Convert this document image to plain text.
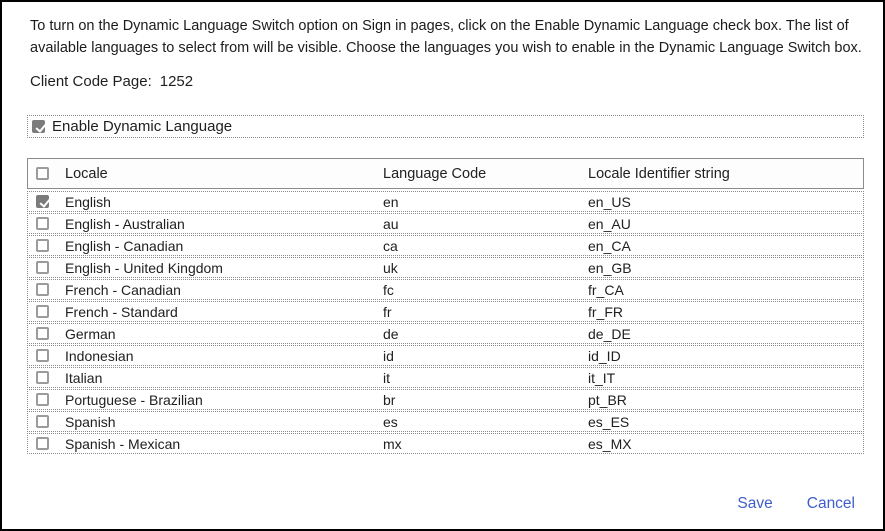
To turn on the Dynamic Language Switch option on Sign in pages, click on the Enable Dynamic Language check box. The list of
available languages to select from will be visible. Choose the languages you wish to enable in the Dynamic Language Switch box.
Client Code Page: 1252
Enable Dynamic Language
Locale	Language Code	Locale Identifier string
English	en	en_US
English - Australian	au	en_AU
English - Canadian	ca	en_CA
English - United Kingdom	uk	en_GB
French - Canadian	fc	fr_CA
French - Standard	fr	fr_FR
German	de	de_DE
Indonesian	id	id_ID
Italian	it	it_IT
Portuguese - Brazilian	br	pt_BR
Spanish	es	es_ES
Spanish - Mexican	mx	es_MX
Save Cancel
